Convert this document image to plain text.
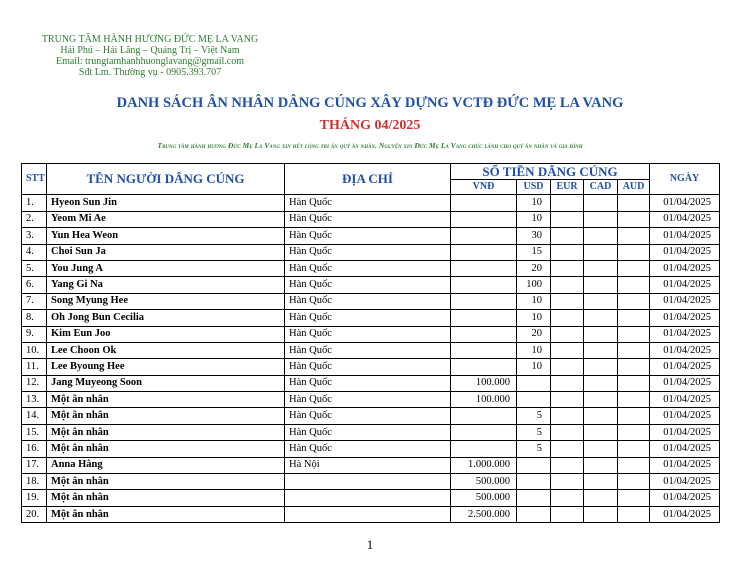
TRUNG TÂM HÀNH HƯƠNG ĐỨC MẸ LA VANG
Hải Phú – Hải Lăng – Quảng Trị – Việt Nam
Email: trungtamhanhhuonglavang@gmail.com
Sđt Lm. Thường vụ - 0905.393.707
DANH SÁCH ÂN NHÂN DÂNG CÚNG XÂY DỰNG VCTĐ ĐỨC MẸ LA VANG
THÁNG 04/2025
Trung tâm hành hương Đức Mẹ La Vang xin hết lòng tri ân quý ân nhân. Nguyện xin Đức Mẹ La Vang chúc lành cho quý ân nhân và gia đình
STT	TÊN NGƯỜI DÂNG CÚNG	ĐỊA CHỈ	SỐ TIỀN DÂNG CÚNG					NGÀY
			VNĐ	USD	EUR	CAD	AUD	
1.	Hyeon Sun Jin	Hàn Quốc		10				01/04/2025
2.	Yeom Mi Ae	Hàn Quốc		10				01/04/2025
3.	Yun Hea Weon	Hàn Quốc		30				01/04/2025
4.	Choi Sun Ja	Hàn Quốc		15				01/04/2025
5.	You Jung A	Hàn Quốc		20				01/04/2025
6.	Yang Gi Na	Hàn Quốc		100				01/04/2025
7.	Song Myung Hee	Hàn Quốc		10				01/04/2025
8.	Oh Jong Bun Cecilia	Hàn Quốc		10				01/04/2025
9.	Kim Eun Joo	Hàn Quốc		20				01/04/2025
10.	Lee Choon Ok	Hàn Quốc		10				01/04/2025
11.	Lee Byoung Hee	Hàn Quốc		10				01/04/2025
12.	Jang Muyeong Soon	Hàn Quốc	100.000					01/04/2025
13.	Một ân nhân	Hàn Quốc	100.000					01/04/2025
14.	Một ân nhân	Hàn Quốc		5				01/04/2025
15.	Một ân nhân	Hàn Quốc		5				01/04/2025
16.	Một ân nhân	Hàn Quốc		5				01/04/2025
17.	Anna Hằng	Hà Nội	1.000.000					01/04/2025
18.	Một ân nhân		500.000					01/04/2025
19.	Một ân nhân		500.000					01/04/2025
20.	Một ân nhân		2.500.000					01/04/2025
1
